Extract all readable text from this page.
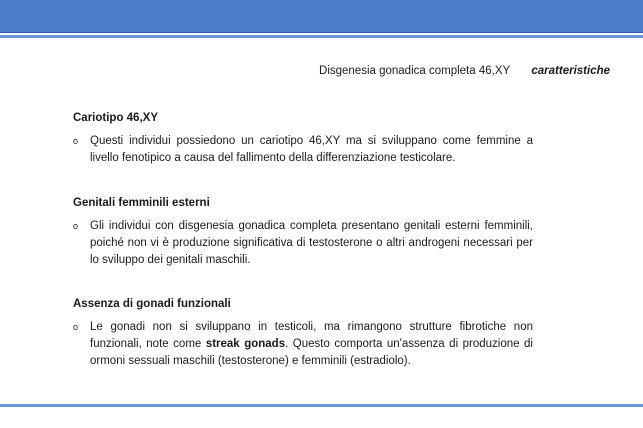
Disgenesia gonadica completa 46,XY caratteristiche

Cariotipo 46,XY

o Questi individui possiedono un cariotipo 46,XY ma si sviluppano come femmine a livello fenotipico a causa del fallimento della differenziazione testicolare.

Genitali femminili esterni

o Gli individui con disgenesia gonadica completa presentano genitali esterni femminili, poiché non vi è produzione significativa di testosterone o altri androgeni necessari per lo sviluppo dei genitali maschili.

Assenza di gonadi funzionali

o Le gonadi non si sviluppano in testicoli, ma rimangono strutture fibrotiche non funzionali, note come streak gonads. Questo comporta un'assenza di produzione di ormoni sessuali maschili (testosterone) e femminili (estradiolo).
